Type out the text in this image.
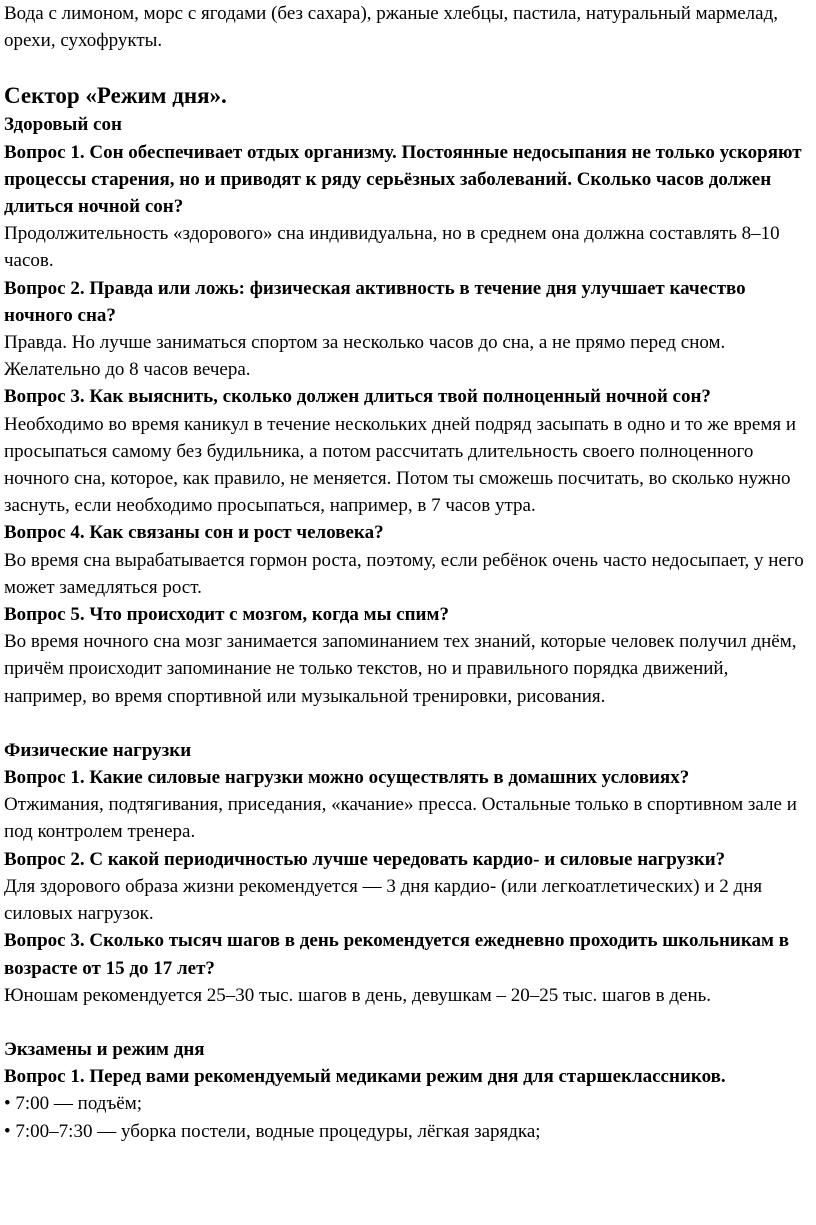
Вода с лимоном, морс с ягодами (без сахара), ржаные хлебцы, пастила, натуральный мармелад, орехи, сухофрукты.

Сектор «Режим дня».

Здоровый сон

Вопрос 1. Сон обеспечивает отдых организму. Постоянные недосыпания не только ускоряют процессы старения, но и приводят к ряду серьёзных заболеваний. Сколько часов должен длиться ночной сон?

Продолжительность «здорового» сна индивидуальна, но в среднем она должна составлять 8–10 часов.

Вопрос 2. Правда или ложь: физическая активность в течение дня улучшает качество ночного сна?

Правда. Но лучше заниматься спортом за несколько часов до сна, а не прямо перед сном. Желательно до 8 часов вечера.

Вопрос 3. Как выяснить, сколько должен длиться твой полноценный ночной сон?

Необходимо во время каникул в течение нескольких дней подряд засыпать в одно и то же время и просыпаться самому без будильника, а потом рассчитать длительность своего полноценного ночного сна, которое, как правило, не меняется. Потом ты сможешь посчитать, во сколько нужно заснуть, если необходимо просыпаться, например, в 7 часов утра.

Вопрос 4. Как связаны сон и рост человека?

Во время сна вырабатывается гормон роста, поэтому, если ребёнок очень часто недосыпает, у него может замедляться рост.

Вопрос 5. Что происходит с мозгом, когда мы спим?

Во время ночного сна мозг занимается запоминанием тех знаний, которые человек получил днём, причём происходит запоминание не только текстов, но и правильного порядка движений, например, во время спортивной или музыкальной тренировки, рисования.

Физические нагрузки

Вопрос 1. Какие силовые нагрузки можно осуществлять в домашних условиях?

Отжимания, подтягивания, приседания, «качание» пресса. Остальные только в спортивном зале и под контролем тренера.

Вопрос 2. С какой периодичностью лучше чередовать кардио- и силовые нагрузки?

Для здорового образа жизни рекомендуется — 3 дня кардио- (или легкоатлетических) и 2 дня силовых нагрузок.

Вопрос 3. Сколько тысяч шагов в день рекомендуется ежедневно проходить школьникам в возрасте от 15 до 17 лет?

Юношам рекомендуется 25–30 тыс. шагов в день, девушкам – 20–25 тыс. шагов в день.

Экзамены и режим дня

Вопрос 1. Перед вами рекомендуемый медиками режим дня для старшеклассников.

• 7:00 — подъём;

• 7:00–7:30 — уборка постели, водные процедуры, лёгкая зарядка;
